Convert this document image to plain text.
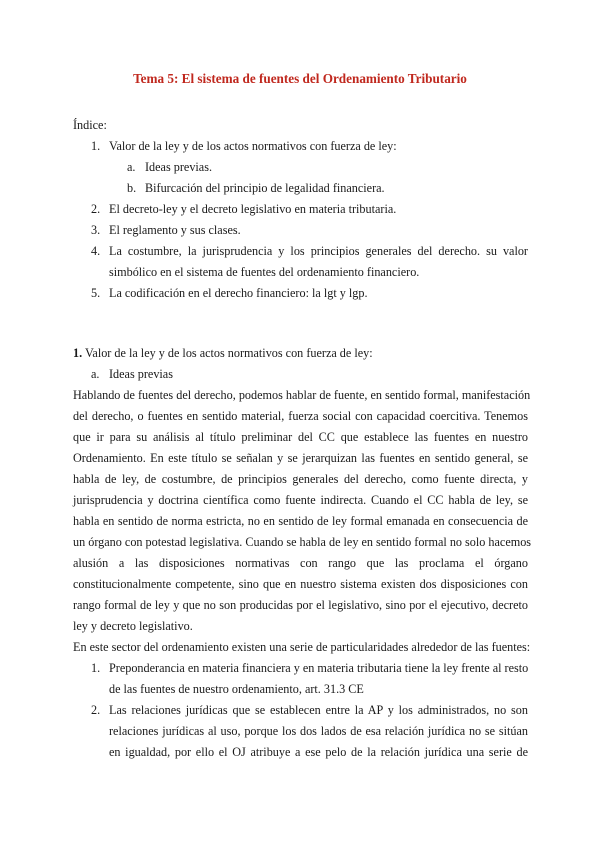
Tema 5: El sistema de fuentes del Ordenamiento Tributario
Índice:
1. Valor de la ley y de los actos normativos con fuerza de ley:
a. Ideas previas.
b. Bifurcación del principio de legalidad financiera.
2. El decreto-ley y el decreto legislativo en materia tributaria.
3. El reglamento y sus clases.
4. La costumbre, la jurisprudencia y los principios generales del derecho. su valor
simbólico en el sistema de fuentes del ordenamiento financiero.
5. La codificación en el derecho financiero: la lgt y lgp.
1. Valor de la ley y de los actos normativos con fuerza de ley:
a. Ideas previas
Hablando de fuentes del derecho, podemos hablar de fuente, en sentido formal, manifestación
del derecho, o fuentes en sentido material, fuerza social con capacidad coercitiva. Tenemos
que ir para su análisis al título preliminar del CC que establece las fuentes en nuestro
Ordenamiento. En este título se señalan y se jerarquizan las fuentes en sentido general, se
habla de ley, de costumbre, de principios generales del derecho, como fuente directa, y
jurisprudencia y doctrina científica como fuente indirecta. Cuando el CC habla de ley, se
habla en sentido de norma estricta, no en sentido de ley formal emanada en consecuencia de
un órgano con potestad legislativa. Cuando se habla de ley en sentido formal no solo hacemos
alusión a las disposiciones normativas con rango que las proclama el órgano
constitucionalmente competente, sino que en nuestro sistema existen dos disposiciones con
rango formal de ley y que no son producidas por el legislativo, sino por el ejecutivo, decreto
ley y decreto legislativo.
En este sector del ordenamiento existen una serie de particularidades alrededor de las fuentes:
1. Preponderancia en materia financiera y en materia tributaria tiene la ley frente al resto
de las fuentes de nuestro ordenamiento, art. 31.3 CE
2. Las relaciones jurídicas que se establecen entre la AP y los administrados, no son
relaciones jurídicas al uso, porque los dos lados de esa relación jurídica no se sitúan
en igualdad, por ello el OJ atribuye a ese pelo de la relación jurídica una serie de
